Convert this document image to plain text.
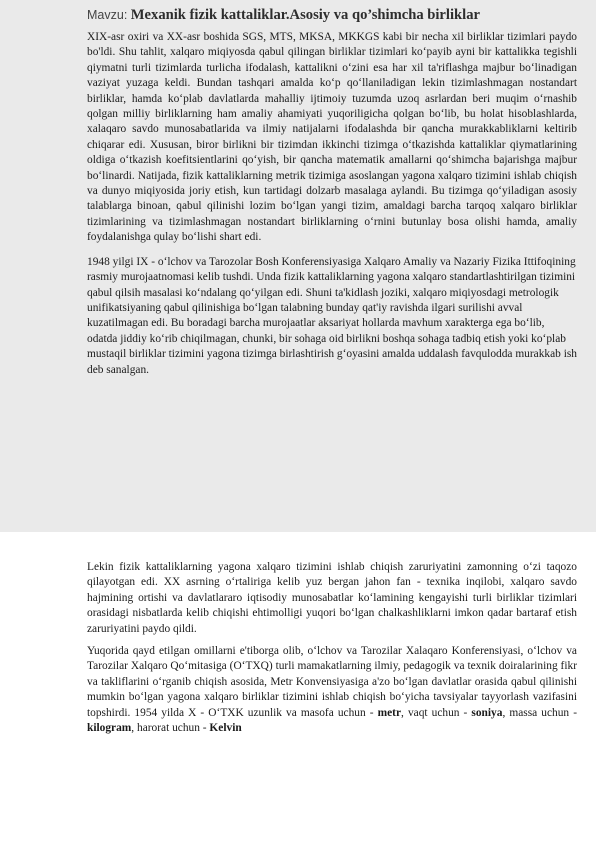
Mavzu: Mexanik fizik kattaliklar.Asosiy va qo’shimcha birliklar

XIX-asr oxiri va XX-asr boshida SGS, MTS, MKSA, MKKGS kabi bir necha xil birliklar tizimlari paydo bo'ldi. Shu tahlit, xalqaro miqiyosda qabul qilingan birliklar tizimlari ko‘payib ayni bir kattalikka tegishli qiymatni turli tizimlarda turlicha ifodalash, kattalikni o‘zini esa har xil ta'riflashga majbur bo‘linadigan vaziyat yuzaga keldi. Bundan tashqari amalda ko‘p qo‘llaniladigan lekin tizimlashmagan nostandart birliklar, hamda ko‘plab davlatlarda mahalliy ijtimoiy tuzumda uzoq asrlardan beri muqim o‘rnashib qolgan milliy birliklarning ham amaliy ahamiyati yuqoriligicha qolgan bo‘lib, bu holat hisoblashlarda, xalaqaro savdo munosabatlarida va ilmiy natijalarni ifodalashda bir qancha murakkabliklarni keltirib chiqarar edi. Xususan, biror birlikni bir tizimdan ikkinchi tizimga o‘tkazishda kattaliklar qiymatlarining oldiga o‘tkazish koefitsientlarini qo‘yish, bir qancha matematik amallarni qo‘shimcha bajarishga majbur bo‘linardi. Natijada, fizik kattaliklarning metrik tizimiga asoslangan yagona xalqaro tizimini ishlab chiqish va dunyo miqiyosida joriy etish, kun tartidagi dolzarb masalaga aylandi. Bu tizimga qo‘yiladigan asosiy talablarga binoan, qabul qilinishi lozim bo‘lgan yangi tizim, amaldagi barcha tarqoq xalqaro birliklar tizimlarining va tizimlashmagan nostandart birliklarning o‘rnini butunlay bosa olishi hamda, amaliy foydalanishga qulay bo‘lishi shart edi.

1948 yilgi IX - o‘lchov va Tarozolar Bosh Konferensiyasiga Xalqaro Amaliy va Nazariy Fizika Ittifoqining rasmiy murojaatnomasi kelib tushdi. Unda fizik kattaliklarning yagona xalqaro standartlashtirilgan tizimini qabul qilsih masalasi ko‘ndalang qo‘yilgan edi. Shuni ta'kidlash joziki, xalqaro miqiyosdagi metrologik unifikatsiyaning qabul qilinishiga bo‘lgan talabning bunday qat'iy ravishda ilgari surilishi avval kuzatilmagan edi. Bu boradagi barcha murojaatlar aksariyat hollarda mavhum xarakterga ega bo‘lib, odatda jiddiy ko‘rib chiqilmagan, chunki, bir sohaga oid birlikni boshqa sohaga tadbiq etish yoki ko‘plab mustaqil birliklar tizimini yagona tizimga birlashtirish g‘oyasini amalda uddalash favqulodda murakkab ish deb sanalgan.

Lekin fizik kattaliklarning yagona xalqaro tizimini ishlab chiqish zaruriyatini zamonning o‘zi taqozo qilayotgan edi. XX asrning o‘rtaliriga kelib yuz bergan jahon fan - texnika inqilobi, xalqaro savdo hajmining ortishi va davlatlararo iqtisodiy munosabatlar ko‘lamining kengayishi turli birliklar tizimlari orasidagi nisbatlarda kelib chiqishi ehtimolligi yuqori bo‘lgan chalkashliklarni imkon qadar bartaraf etish zaruriyatini paydo qildi.

Yuqorida qayd etilgan omillarni e'tiborga olib, o‘lchov va Tarozilar Xalaqaro Konferensiyasi, o‘lchov va Tarozilar Xalqaro Qo‘mitasiga (O‘TXQ) turli mamakatlarning ilmiy, pedagogik va texnik doiralarining fikr va takliflarini o‘rganib chiqish asosida, Metr Konvensiyasiga a'zo bo‘lgan davlatlar orasida qabul qilinishi mumkin bo‘lgan yagona xalqaro birliklar tizimini ishlab chiqish bo‘yicha tavsiyalar tayyorlash vazifasini topshirdi. 1954 yilda X - O‘TXK uzunlik va masofa uchun - metr, vaqt uchun - soniya, massa uchun - kilogram, harorat uchun - Kelvin
